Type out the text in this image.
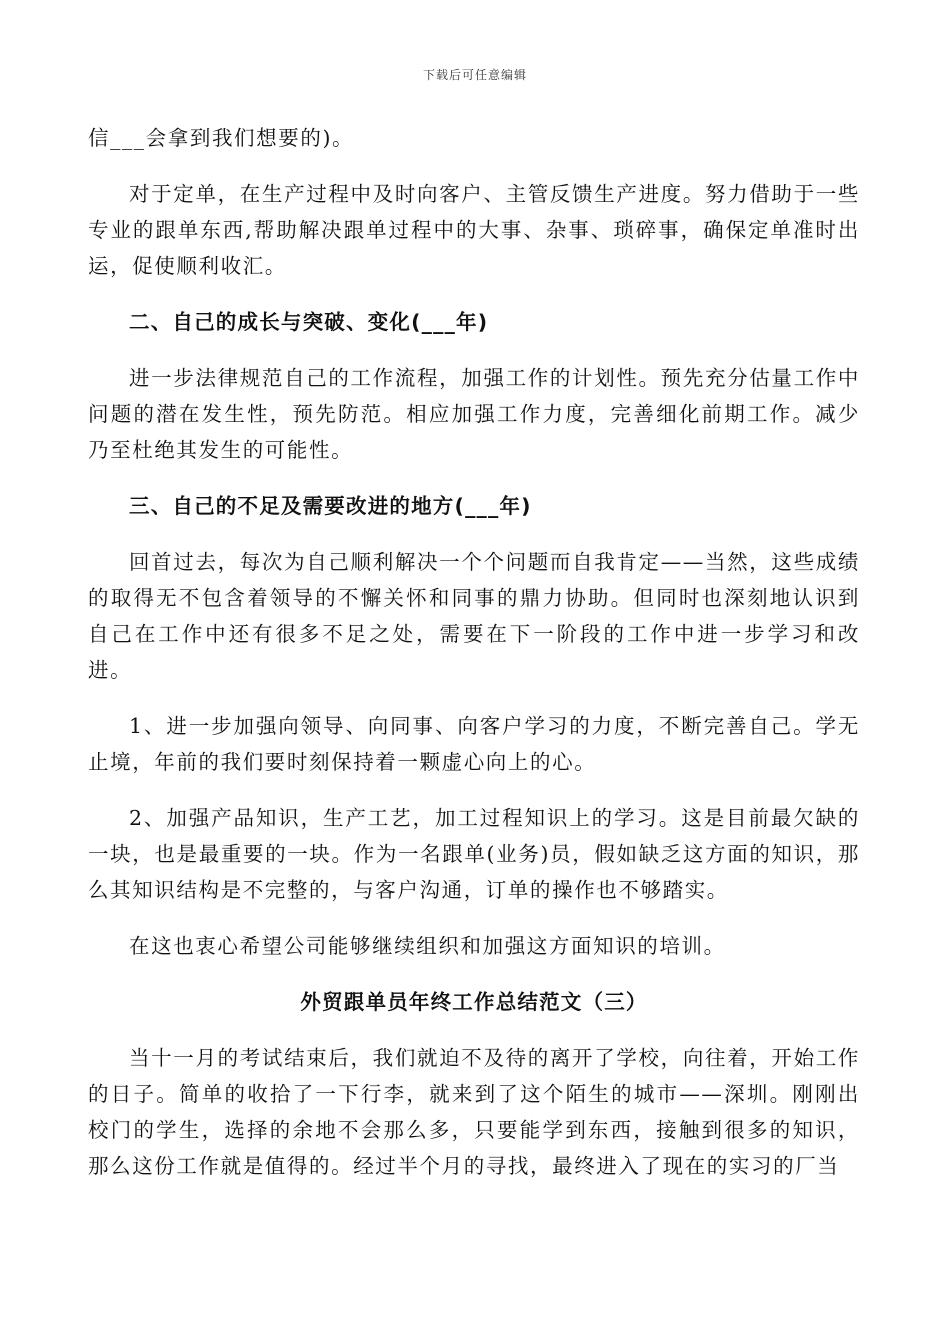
下载后可任意编辑

信___会拿到我们想要的)。

对于定单，在生产过程中及时向客户、主管反馈生产进度。努力借助于一些专业的跟单东西,帮助解决跟单过程中的大事、杂事、琐碎事，确保定单准时出运，促使顺利收汇。

二、自己的成长与突破、变化(___年)

进一步法律规范自己的工作流程，加强工作的计划性。预先充分估量工作中问题的潜在发生性，预先防范。相应加强工作力度，完善细化前期工作。减少乃至杜绝其发生的可能性。

三、自己的不足及需要改进的地方(___年)

回首过去，每次为自己顺利解决一个个问题而自我肯定——当然，这些成绩的取得无不包含着领导的不懈关怀和同事的鼎力协助。但同时也深刻地认识到自己在工作中还有很多不足之处，需要在下一阶段的工作中进一步学习和改进。

1、进一步加强向领导、向同事、向客户学习的力度，不断完善自己。学无止境，年前的我们要时刻保持着一颗虚心向上的心。

2、加强产品知识，生产工艺，加工过程知识上的学习。这是目前最欠缺的一块，也是最重要的一块。作为一名跟单(业务)员，假如缺乏这方面的知识，那么其知识结构是不完整的，与客户沟通，订单的操作也不够踏实。

在这也衷心希望公司能够继续组织和加强这方面知识的培训。

外贸跟单员年终工作总结范文（三）

当十一月的考试结束后，我们就迫不及待的离开了学校，向往着，开始工作的日子。简单的收拾了一下行李，就来到了这个陌生的城市——深圳。刚刚出校门的学生，选择的余地不会那么多，只要能学到东西，接触到很多的知识，那么这份工作就是值得的。经过半个月的寻找，最终进入了现在的实习的厂当
